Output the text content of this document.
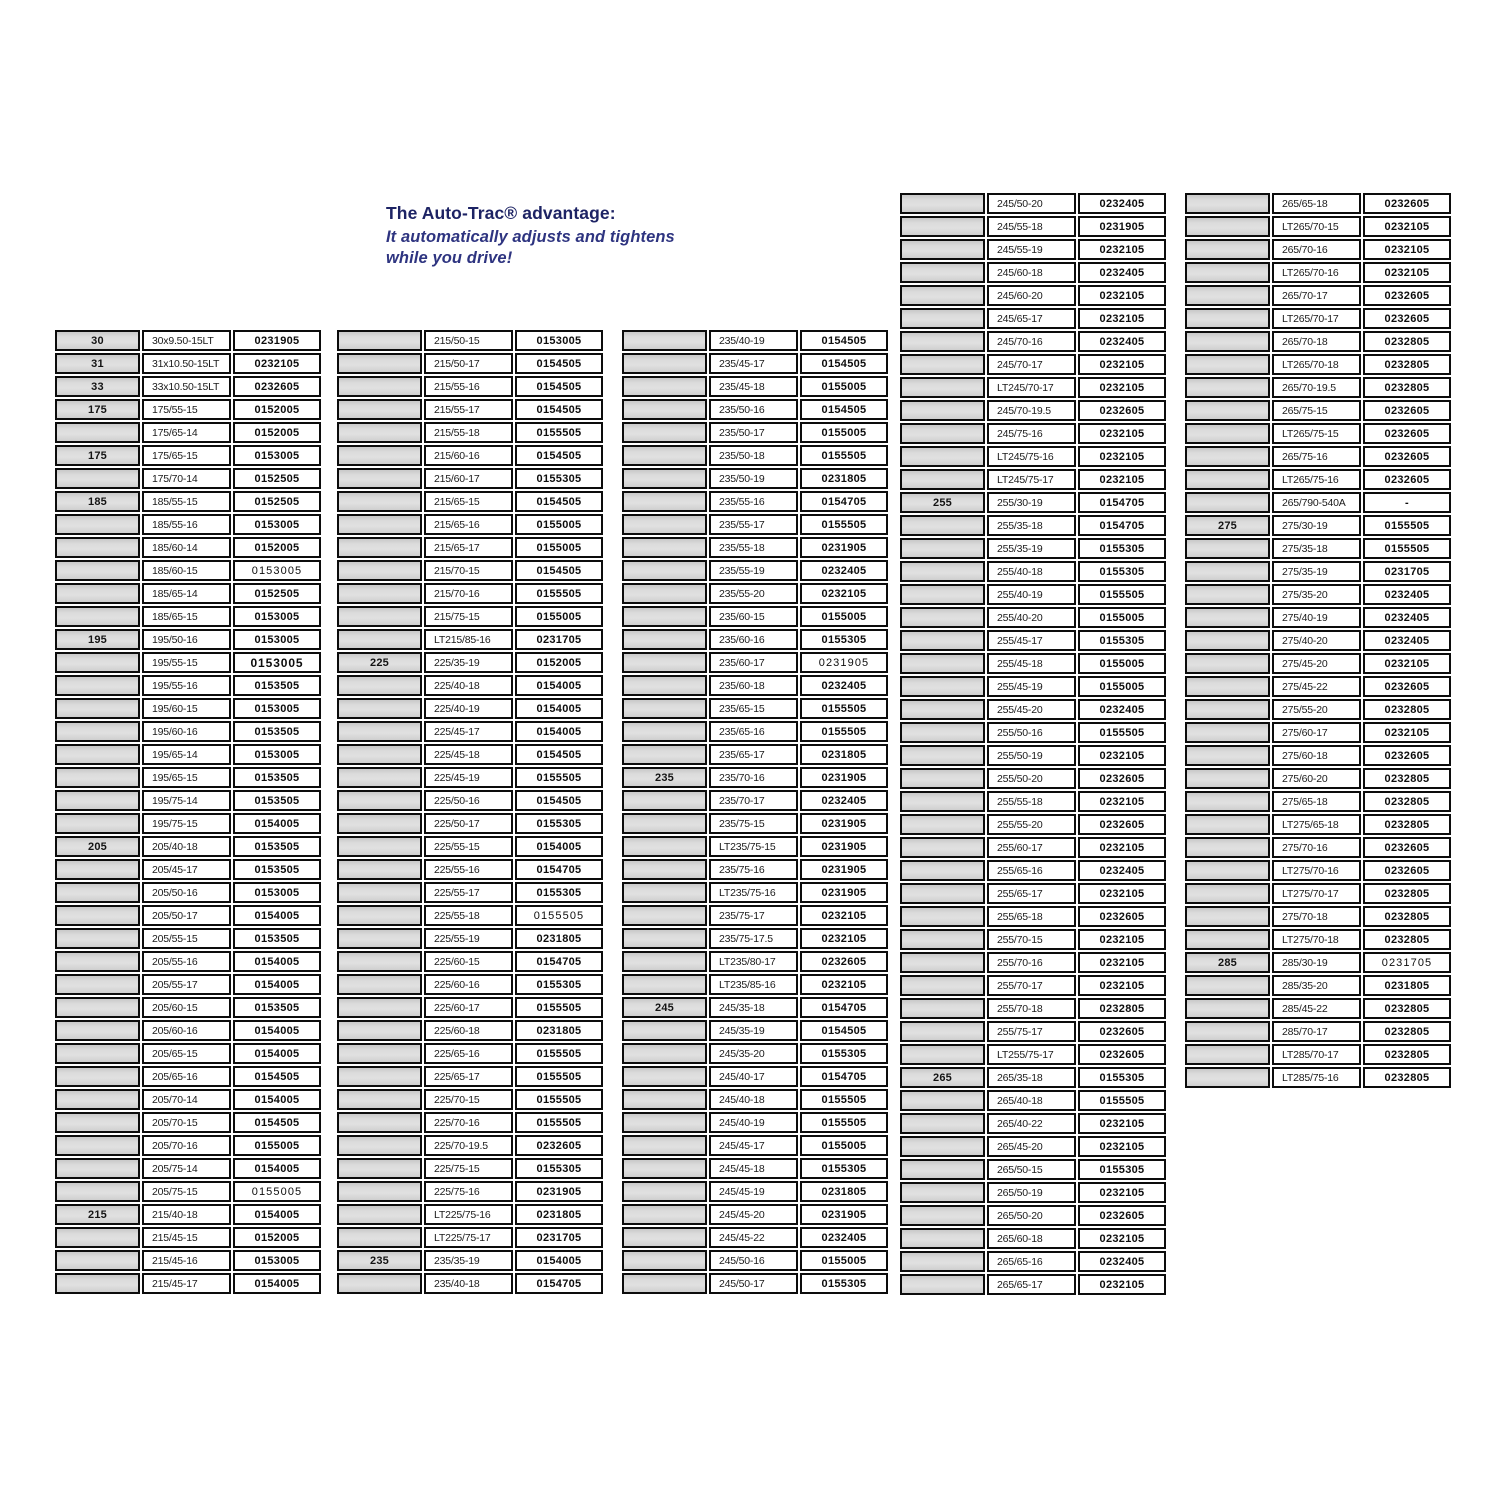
The Auto-Trac® advantage:
It automatically adjusts and tightens
while you drive!
30	30x9.50-15LT	0231905
31	31x10.50-15LT	0232105
33	33x10.50-15LT	0232605
175	175/55-15	0152005
175/65-14	0152005
175	175/65-15	0153005
175/70-14	0152505
185	185/55-15	0152505
185/55-16	0153005
185/60-14	0152005
185/60-15	0153005
185/65-14	0152505
185/65-15	0153005
195	195/50-16	0153005
195/55-15	0153005
195/55-16	0153505
195/60-15	0153005
195/60-16	0153505
195/65-14	0153005
195/65-15	0153505
195/75-14	0153505
195/75-15	0154005
205	205/40-18	0153505
205/45-17	0153505
205/50-16	0153005
205/50-17	0154005
205/55-15	0153505
205/55-16	0154005
205/55-17	0154005
205/60-15	0153505
205/60-16	0154005
205/65-15	0154005
205/65-16	0154505
205/70-14	0154005
205/70-15	0154505
205/70-16	0155005
205/75-14	0154005
205/75-15	0155005
215	215/40-18	0154005
215/45-15	0152005
215/45-16	0153005
215/45-17	0154005
215/50-15	0153005
215/50-17	0154505
215/55-16	0154505
215/55-17	0154505
215/55-18	0155505
215/60-16	0154505
215/60-17	0155305
215/65-15	0154505
215/65-16	0155005
215/65-17	0155005
215/70-15	0154505
215/70-16	0155505
215/75-15	0155005
LT215/85-16	0231705
225	225/35-19	0152005
225/40-18	0154005
225/40-19	0154005
225/45-17	0154005
225/45-18	0154505
225/45-19	0155505
225/50-16	0154505
225/50-17	0155305
225/55-15	0154005
225/55-16	0154705
225/55-17	0155305
225/55-18	0155505
225/55-19	0231805
225/60-15	0154705
225/60-16	0155305
225/60-17	0155505
225/60-18	0231805
225/65-16	0155505
225/65-17	0155505
225/70-15	0155505
225/70-16	0155505
225/70-19.5	0232605
225/75-15	0155305
225/75-16	0231905
LT225/75-16	0231805
LT225/75-17	0231705
235	235/35-19	0154005
235/40-18	0154705
235/40-19	0154505
235/45-17	0154505
235/45-18	0155005
235/50-16	0154505
235/50-17	0155005
235/50-18	0155505
235/50-19	0231805
235/55-16	0154705
235/55-17	0155505
235/55-18	0231905
235/55-19	0232405
235/55-20	0232105
235/60-15	0155005
235/60-16	0155305
235/60-17	0231905
235/60-18	0232405
235/65-15	0155505
235/65-16	0155505
235/65-17	0231805
235	235/70-16	0231905
235/70-17	0232405
235/75-15	0231905
LT235/75-15	0231905
235/75-16	0231905
LT235/75-16	0231905
235/75-17	0232105
235/75-17.5	0232105
LT235/80-17	0232605
LT235/85-16	0232105
245	245/35-18	0154705
245/35-19	0154505
245/35-20	0155305
245/40-17	0154705
245/40-18	0155505
245/40-19	0155505
245/45-17	0155005
245/45-18	0155305
245/45-19	0231805
245/45-20	0231905
245/45-22	0232405
245/50-16	0155005
245/50-17	0155305
245/50-20	0232405
245/55-18	0231905
245/55-19	0232105
245/60-18	0232405
245/60-20	0232105
245/65-17	0232105
245/70-16	0232405
245/70-17	0232105
LT245/70-17	0232105
245/70-19.5	0232605
245/75-16	0232105
LT245/75-16	0232105
LT245/75-17	0232105
255	255/30-19	0154705
255/35-18	0154705
255/35-19	0155305
255/40-18	0155305
255/40-19	0155505
255/40-20	0155005
255/45-17	0155305
255/45-18	0155005
255/45-19	0155005
255/45-20	0232405
255/50-16	0155505
255/50-19	0232105
255/50-20	0232605
255/55-18	0232105
255/55-20	0232605
255/60-17	0232105
255/65-16	0232405
255/65-17	0232105
255/65-18	0232605
255/70-15	0232105
255/70-16	0232105
255/70-17	0232105
255/70-18	0232805
255/75-17	0232605
LT255/75-17	0232605
265	265/35-18	0155305
265/40-18	0155505
265/40-22	0232105
265/45-20	0232105
265/50-15	0155305
265/50-19	0232105
265/50-20	0232605
265/60-18	0232105
265/65-16	0232405
265/65-17	0232105
265/65-18	0232605
LT265/70-15	0232105
265/70-16	0232105
LT265/70-16	0232105
265/70-17	0232605
LT265/70-17	0232605
265/70-18	0232805
LT265/70-18	0232805
265/70-19.5	0232805
265/75-15	0232605
LT265/75-15	0232605
265/75-16	0232605
LT265/75-16	0232605
265/790-540A	-
275	275/30-19	0155505
275/35-18	0155505
275/35-19	0231705
275/35-20	0232405
275/40-19	0232405
275/40-20	0232405
275/45-20	0232105
275/45-22	0232605
275/55-20	0232805
275/60-17	0232105
275/60-18	0232605
275/60-20	0232805
275/65-18	0232805
LT275/65-18	0232805
275/70-16	0232605
LT275/70-16	0232605
LT275/70-17	0232805
275/70-18	0232805
LT275/70-18	0232805
285	285/30-19	0231705
285/35-20	0231805
285/45-22	0232805
285/70-17	0232805
LT285/70-17	0232805
LT285/75-16	0232805
